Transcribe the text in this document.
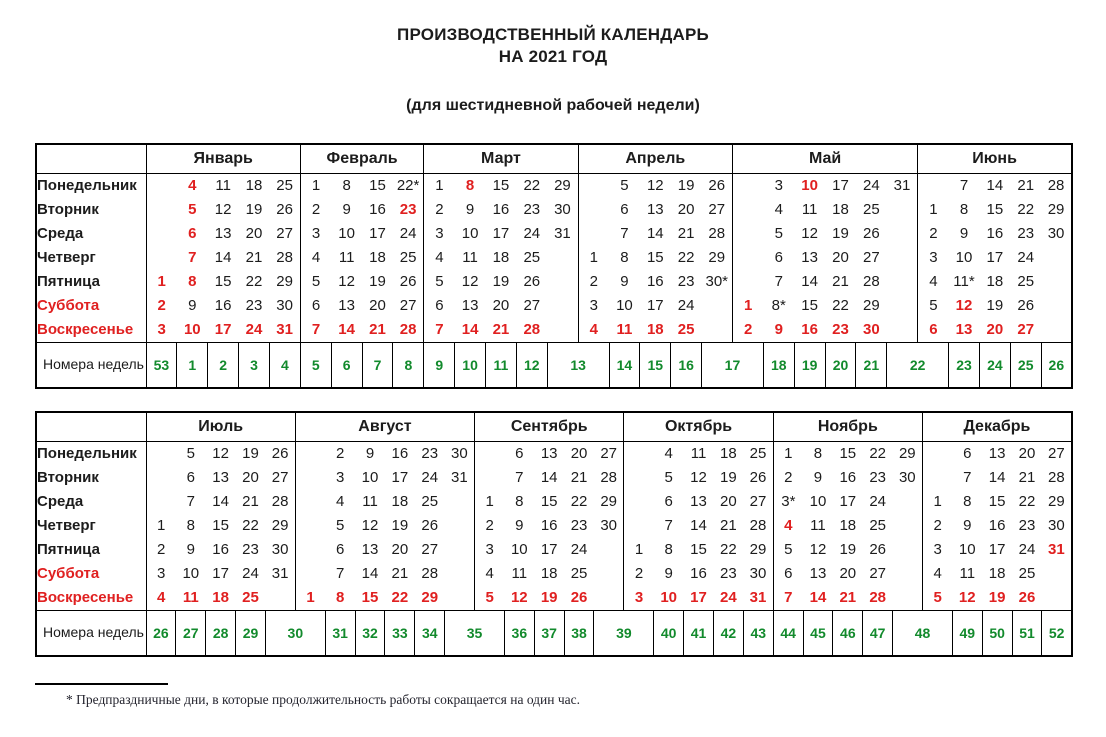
ПРОИЗВОДСТВЕННЫЙ КАЛЕНДАРЬ
НА 2021 ГОД
(для шестидневной рабочей недели)
	Январь					Февраль				Март					Апрель					Май						Июнь				
Понедельник		4	11	18	25	1	8	15	22*	1	8	15	22	29		5	12	19	26		3	10	17	24	31		7	14	21	28
Вторник		5	12	19	26	2	9	16	23	2	9	16	23	30		6	13	20	27		4	11	18	25		1	8	15	22	29
Среда		6	13	20	27	3	10	17	24	3	10	17	24	31		7	14	21	28		5	12	19	26		2	9	16	23	30
Четверг		7	14	21	28	4	11	18	25	4	11	18	25		1	8	15	22	29		6	13	20	27		3	10	17	24	
Пятница	1	8	15	22	29	5	12	19	26	5	12	19	26		2	9	16	23	30*		7	14	21	28		4	11*	18	25	
Суббота	2	9	16	23	30	6	13	20	27	6	13	20	27		3	10	17	24		1	8*	15	22	29		5	12	19	26	
Воскресенье	3	10	17	24	31	7	14	21	28	7	14	21	28		4	11	18	25		2	9	16	23	30		6	13	20	27	
Номера недель	53	1	2	3	4	5	6	7	8	9	10	11	12	13		14	15	16	17		18	19	20	21	22		23	24	25	26
	Июль					Август						Сентябрь					Октябрь					Ноябрь					Декабрь				
Понедельник		5	12	19	26		2	9	16	23	30		6	13	20	27		4	11	18	25	1	8	15	22	29		6	13	20	27
Вторник		6	13	20	27		3	10	17	24	31		7	14	21	28		5	12	19	26	2	9	16	23	30		7	14	21	28
Среда		7	14	21	28		4	11	18	25		1	8	15	22	29		6	13	20	27	3*	10	17	24		1	8	15	22	29
Четверг	1	8	15	22	29		5	12	19	26		2	9	16	23	30		7	14	21	28	4	11	18	25		2	9	16	23	30
Пятница	2	9	16	23	30		6	13	20	27		3	10	17	24		1	8	15	22	29	5	12	19	26		3	10	17	24	31
Суббота	3	10	17	24	31		7	14	21	28		4	11	18	25		2	9	16	23	30	6	13	20	27		4	11	18	25	
Воскресенье	4	11	18	25		1	8	15	22	29		5	12	19	26		3	10	17	24	31	7	14	21	28		5	12	19	26	
Номера недель	26	27	28	29	30		31	32	33	34	35		36	37	38	39		40	41	42	43	44	45	46	47	48		49	50	51	52
* Предпраздничные дни, в которые продолжительность работы сокращается на один час.
